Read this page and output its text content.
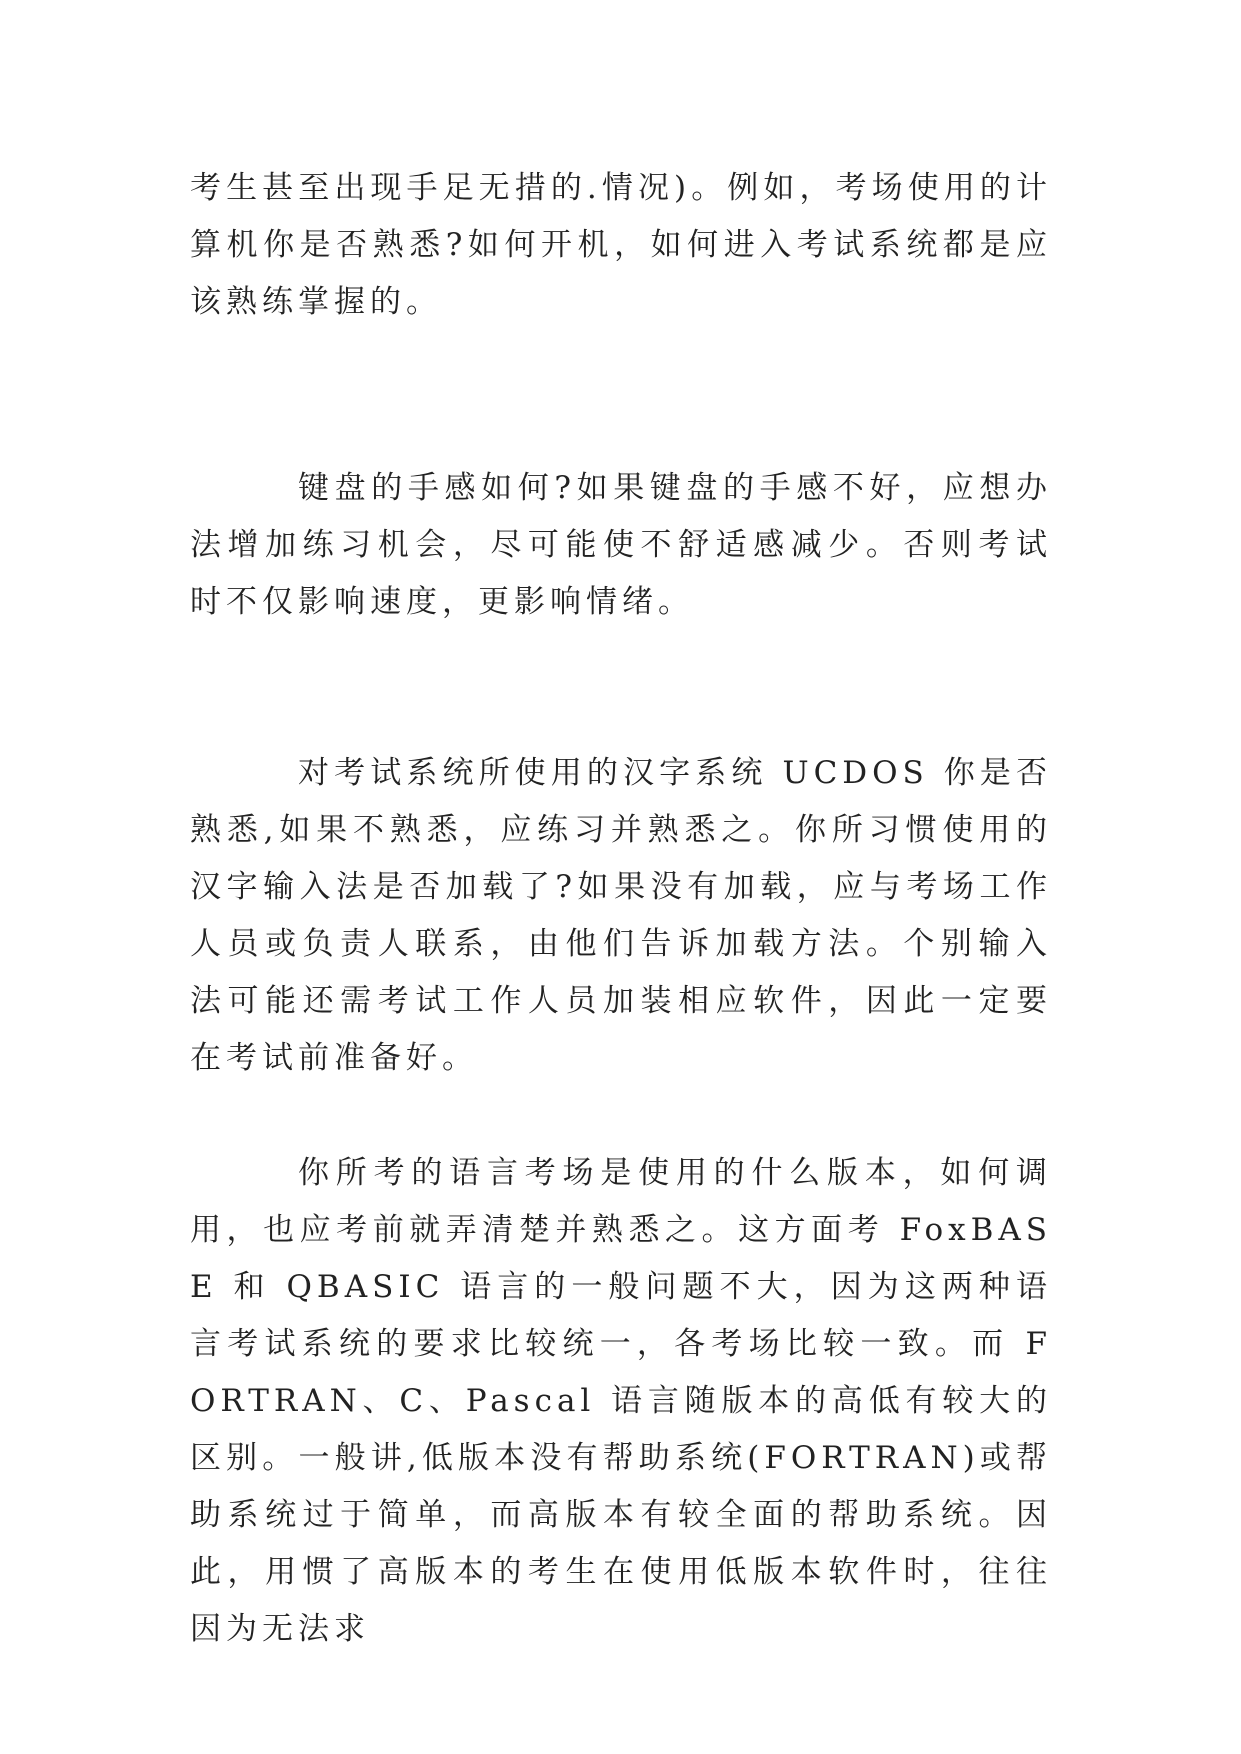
考生甚至出现手足无措的.情况)。例如，考场使用的计算机你是否熟悉?如何开机，如何进入考试系统都是应该熟练掌握的。

键盘的手感如何?如果键盘的手感不好，应想办法增加练习机会，尽可能使不舒适感减少。否则考试时不仅影响速度，更影响情绪。

对考试系统所使用的汉字系统 UCDOS 你是否熟悉,如果不熟悉，应练习并熟悉之。你所习惯使用的汉字输入法是否加载了?如果没有加载，应与考场工作人员或负责人联系，由他们告诉加载方法。个别输入法可能还需考试工作人员加装相应软件，因此一定要在考试前准备好。

你所考的语言考场是使用的什么版本，如何调用，也应考前就弄清楚并熟悉之。这方面考 FoxBASE 和 QBASIC 语言的一般问题不大，因为这两种语言考试系统的要求比较统一，各考场比较一致。而 FORTRAN、C、Pascal 语言随版本的高低有较大的区别。一般讲,低版本没有帮助系统(FORTRAN)或帮助系统过于简单，而高版本有较全面的帮助系统。因此，用惯了高版本的考生在使用低版本软件时，往往因为无法求
